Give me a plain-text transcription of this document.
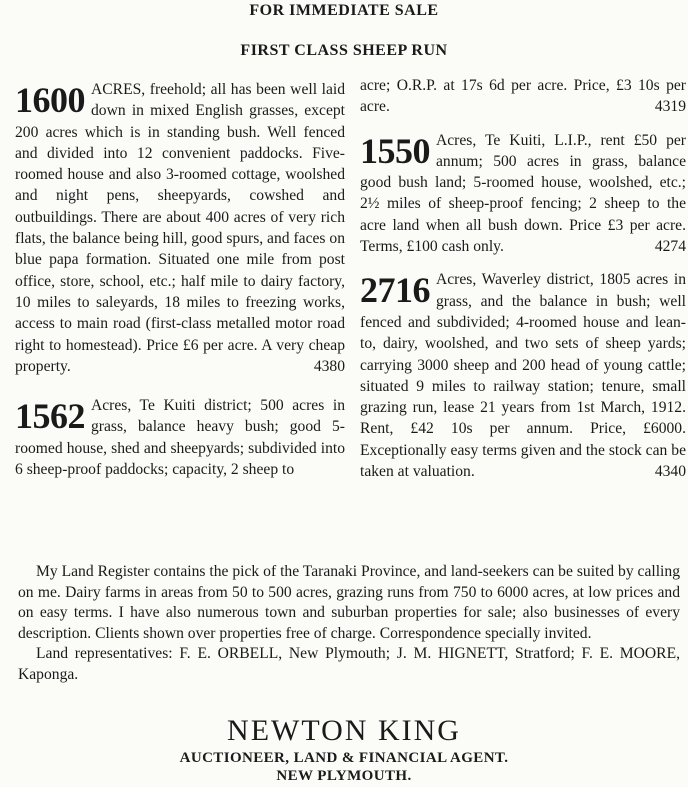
FOR IMMEDIATE SALE
FIRST CLASS SHEEP RUN

1600 ACRES, freehold; all has been well laid down in mixed English grasses, except 200 acres which is in standing bush. Well fenced and divided into 12 convenient paddocks. Five-roomed house and also 3-roomed cottage, woolshed and night pens, sheepyards, cowshed and outbuildings. There are about 400 acres of very rich flats, the balance being hill, good spurs, and faces on blue papa formation. Situated one mile from post office, store, school, etc.; half mile to dairy factory, 10 miles to saleyards, 18 miles to freezing works, access to main road (first-class metalled motor road right to homestead). Price £6 per acre. A very cheap property.	4380

1562 Acres, Te Kuiti district; 500 acres in grass, balance heavy bush; good 5-roomed house, shed and sheepyards; subdivided into 6 sheep-proof paddocks; capacity, 2 sheep to

acre; O.R.P. at 17s 6d per acre. Price, £3 10s per acre.	4319

1550 Acres, Te Kuiti, L.I.P., rent £50 per annum; 500 acres in grass, balance good bush land; 5-roomed house, woolshed, etc.; 2½ miles of sheep-proof fencing; 2 sheep to the acre land when all bush down. Price £3 per acre. Terms, £100 cash only.	4274

2716 Acres, Waverley district, 1805 acres in grass, and the balance in bush; well fenced and subdivided; 4-roomed house and lean-to, dairy, woolshed, and two sets of sheep yards; carrying 3000 sheep and 200 head of young cattle; situated 9 miles to railway station; tenure, small grazing run, lease 21 years from 1st March, 1912. Rent, £42 10s per annum. Price, £6000. Exceptionally easy terms given and the stock can be taken at valuation.	4340

My Land Register contains the pick of the Taranaki Province, and land-seekers can be suited by calling on me. Dairy farms in areas from 50 to 500 acres, grazing runs from 750 to 6000 acres, at low prices and on easy terms. I have also numerous town and suburban properties for sale; also businesses of every description. Clients shown over properties free of charge. Correspondence specially invited.

Land representatives: F. E. ORBELL, New Plymouth; J. M. HIGNETT, Stratford; F. E. MOORE, Kaponga.

NEWTON KING
AUCTIONEER, LAND & FINANCIAL AGENT.
NEW PLYMOUTH.
